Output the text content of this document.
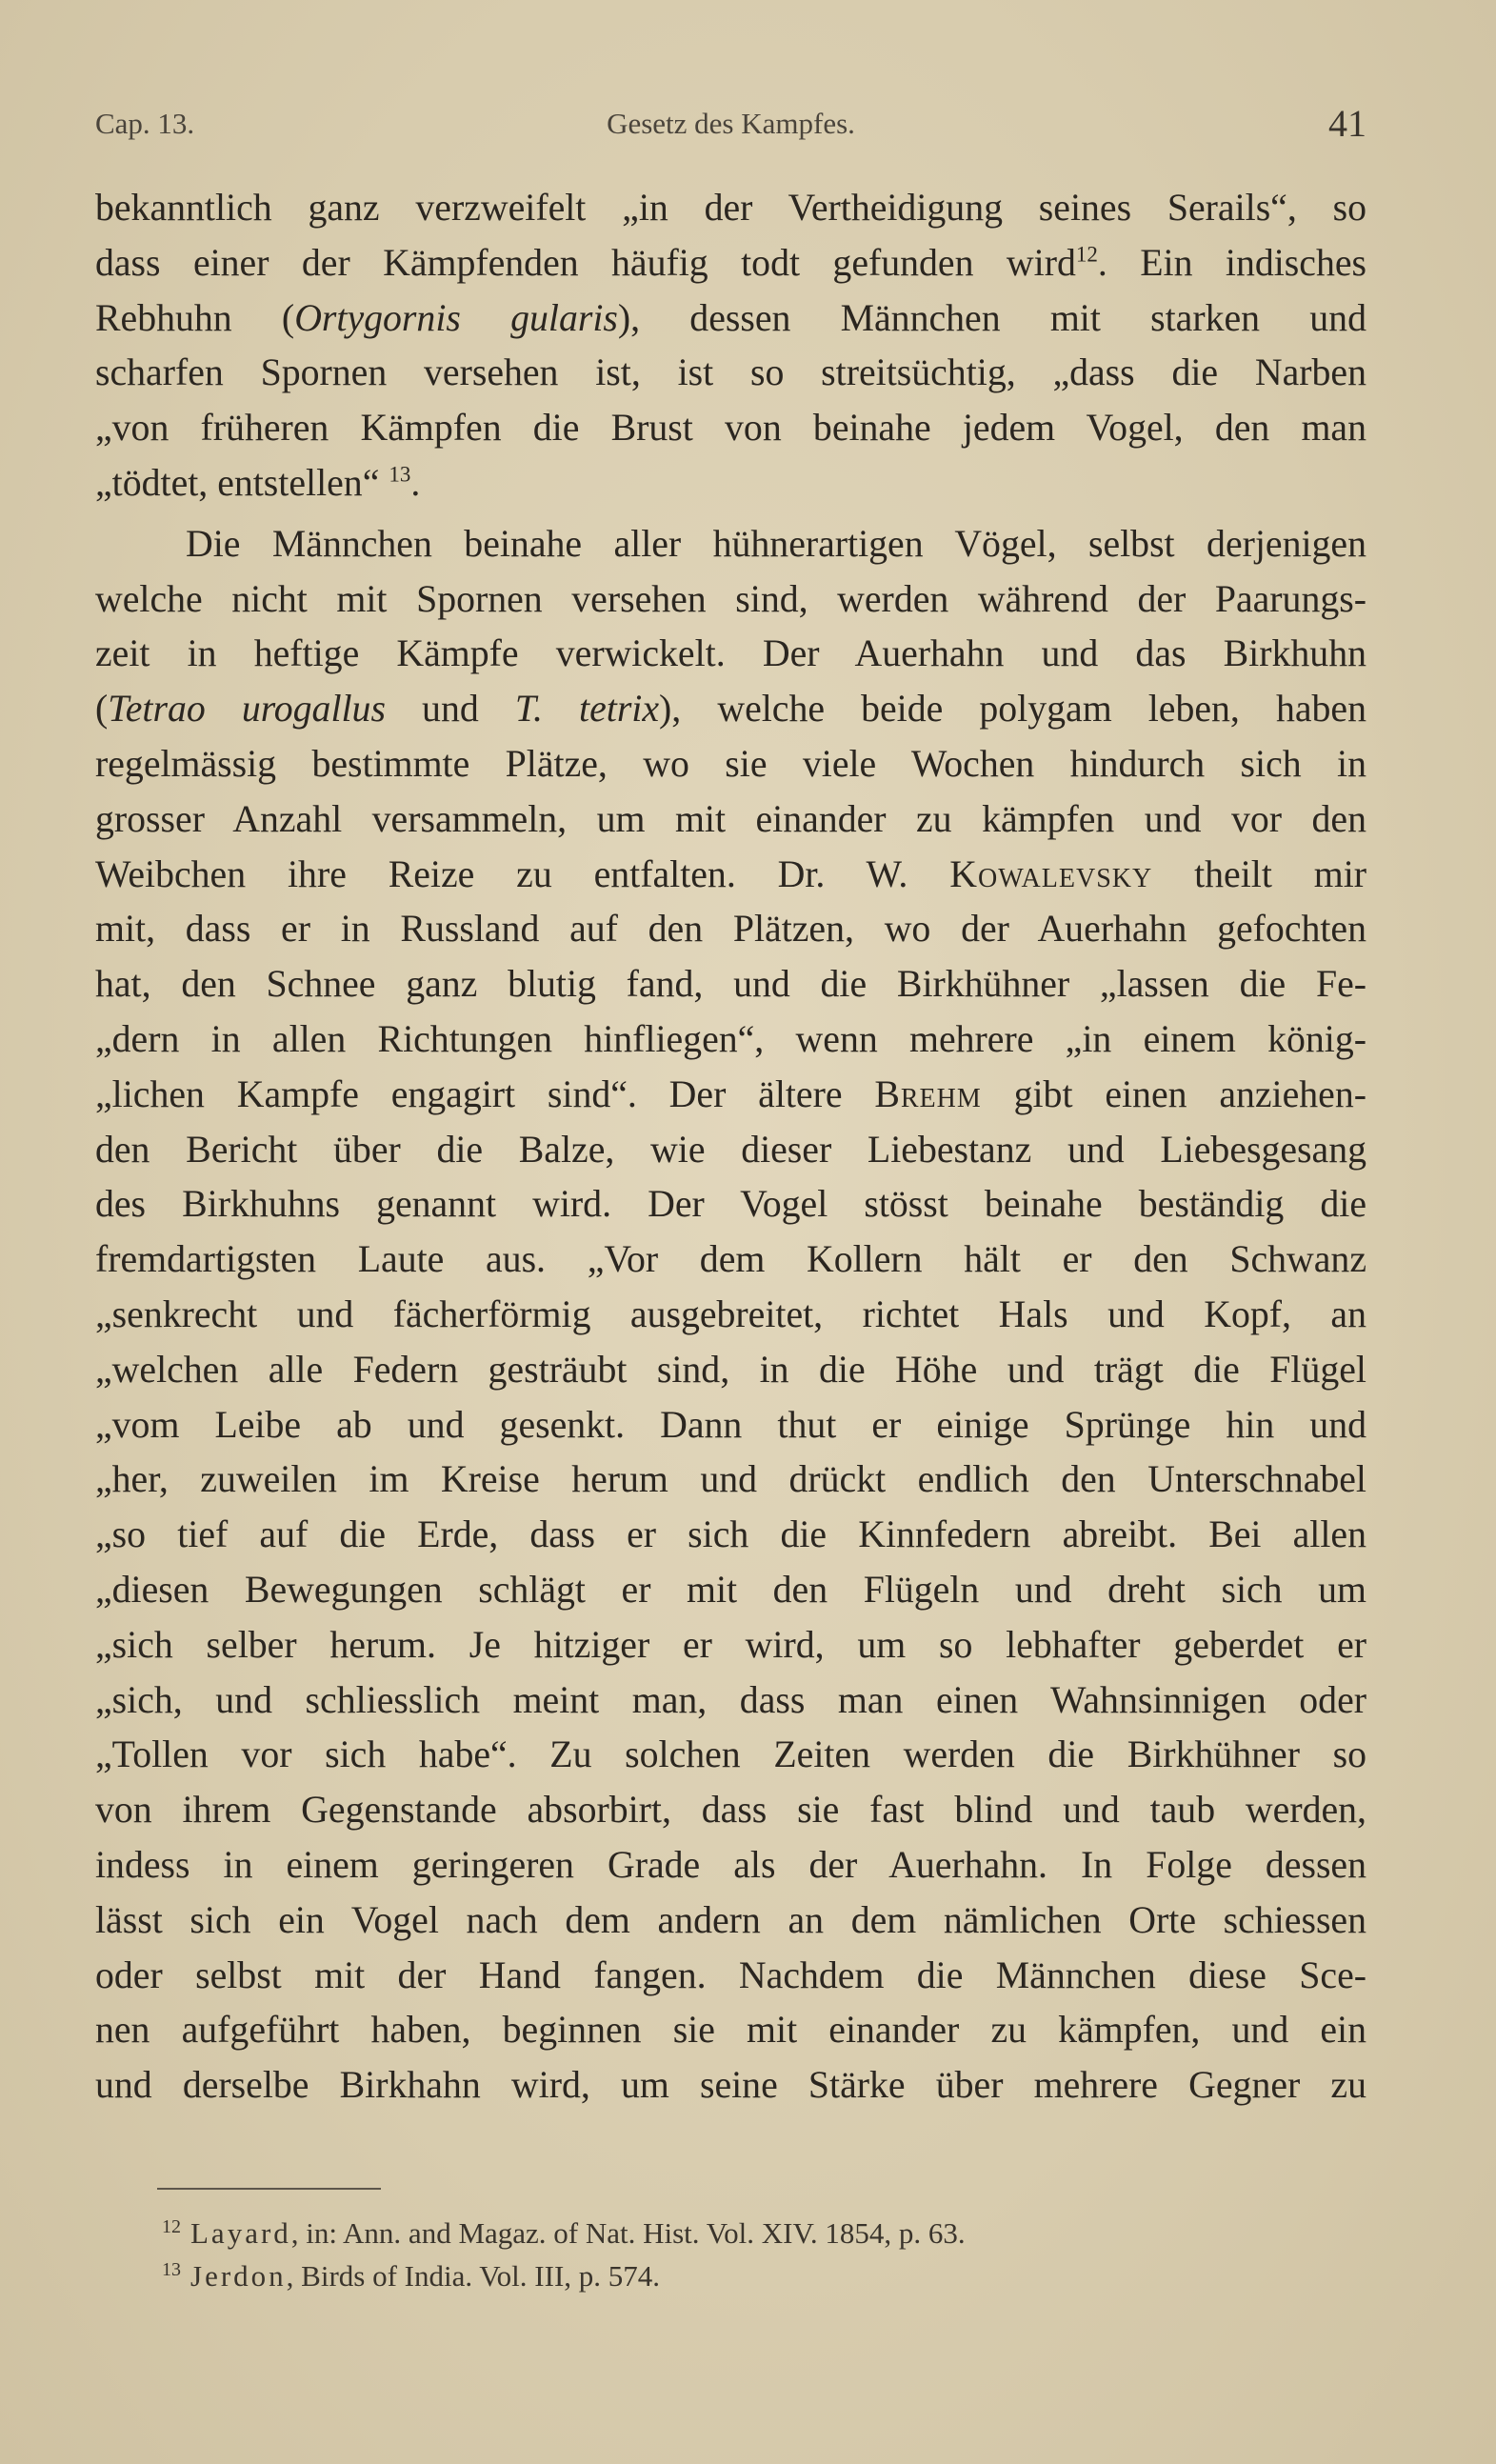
Cap. 13.	Gesetz des Kampfes.	41

bekanntlich ganz verzweifelt „in der Vertheidigung seines Serails“, so
dass einer der Kämpfenden häufig todt gefunden wird$^{12}$. Ein indisches
Rebhuhn (Ortygornis gularis), dessen Männchen mit starken und
scharfen Spornen versehen ist, ist so streitsüchtig, „dass die Narben
„von früheren Kämpfen die Brust von beinahe jedem Vogel, den man
„tödtet, entstellen“ $^{13}$.

Die Männchen beinahe aller hühnerartigen Vögel, selbst derjenigen
welche nicht mit Spornen versehen sind, werden während der Paarungs-
zeit in heftige Kämpfe verwickelt. Der Auerhahn und das Birkhuhn
(Tetrao urogallus und T. tetrix), welche beide polygam leben, haben
regelmässig bestimmte Plätze, wo sie viele Wochen hindurch sich in
grosser Anzahl versammeln, um mit einander zu kämpfen und vor den
Weibchen ihre Reize zu entfalten. Dr. W. Kowalevsky theilt mir
mit, dass er in Russland auf den Plätzen, wo der Auerhahn gefochten
hat, den Schnee ganz blutig fand, und die Birkhühner „lassen die Fe-
„dern in allen Richtungen hinfliegen“, wenn mehrere „in einem könig-
„lichen Kampfe engagirt sind“. Der ältere Brehm gibt einen anziehen-
den Bericht über die Balze, wie dieser Liebestanz und Liebesgesang
des Birkhuhns genannt wird. Der Vogel stösst beinahe beständig die
fremdartigsten Laute aus. „Vor dem Kollern hält er den Schwanz
„senkrecht und fächerförmig ausgebreitet, richtet Hals und Kopf, an
„welchen alle Federn gesträubt sind, in die Höhe und trägt die Flügel
„vom Leibe ab und gesenkt. Dann thut er einige Sprünge hin und
„her, zuweilen im Kreise herum und drückt endlich den Unterschnabel
„so tief auf die Erde, dass er sich die Kinnfedern abreibt. Bei allen
„diesen Bewegungen schlägt er mit den Flügeln und dreht sich um
„sich selber herum. Je hitziger er wird, um so lebhafter geberdet er
„sich, und schliesslich meint man, dass man einen Wahnsinnigen oder
„Tollen vor sich habe“. Zu solchen Zeiten werden die Birkhühner so
von ihrem Gegenstande absorbirt, dass sie fast blind und taub werden,
indess in einem geringeren Grade als der Auerhahn. In Folge dessen
lässt sich ein Vogel nach dem andern an dem nämlichen Orte schiessen
oder selbst mit der Hand fangen. Nachdem die Männchen diese Sce-
nen aufgeführt haben, beginnen sie mit einander zu kämpfen, und ein
und derselbe Birkhahn wird, um seine Stärke über mehrere Gegner zu

$^{12}$ Layard, in: Ann. and Magaz. of Nat. Hist. Vol. XIV. 1854, p. 63.
$^{13}$ Jerdon, Birds of India. Vol. III, p. 574.
